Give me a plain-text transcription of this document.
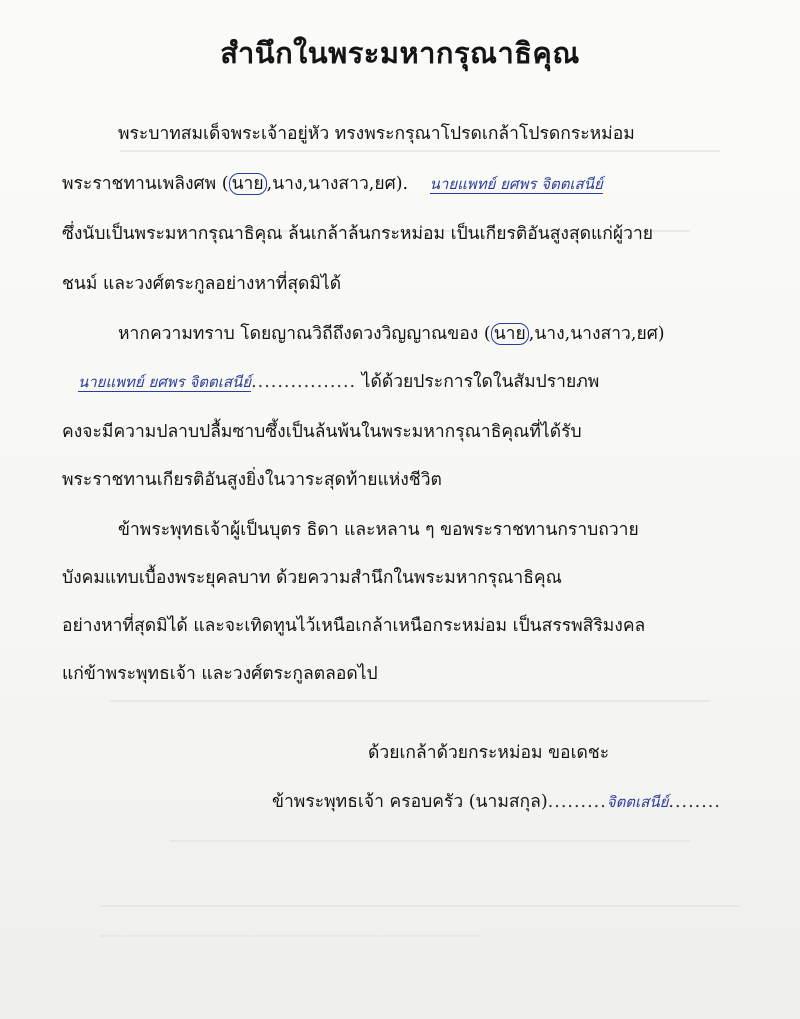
สำนึกในพระมหากรุณาธิคุณ
พระบาทสมเด็จพระเจ้าอยู่หัว ทรงพระกรุณาโปรดเกล้าโปรดกระหม่อม
พระราชทานเพลิงศพ ( นาย ,นาง,นางสาว,ยศ). นายแพทย์ ยศพร จิตตเสนีย์
ซึ่งนับเป็นพระมหากรุณาธิคุณ ล้นเกล้าล้นกระหม่อม เป็นเกียรติอันสูงสุดแก่ผู้วาย
ชนม์ และวงศ์ตระกูลอย่างหาที่สุดมิได้
หากความทราบ โดยญาณวิถีถึงดวงวิญญาณของ ( นาย ,นาง,นางสาว,ยศ)
นายแพทย์ ยศพร จิตตเสนีย์................ ได้ด้วยประการใดในสัมปรายภพ
คงจะมีความปลาบปลื้มซาบซึ้งเป็นล้นพ้นในพระมหากรุณาธิคุณที่ได้รับ
พระราชทานเกียรติอันสูงยิ่งในวาระสุดท้ายแห่งชีวิต
ข้าพระพุทธเจ้าผู้เป็นบุตร ธิดา และหลาน ๆ ขอพระราชทานกราบถวาย
บังคมแทบเบื้องพระยุคลบาท ด้วยความสำนึกในพระมหากรุณาธิคุณ
อย่างหาที่สุดมิได้ และจะเทิดทูนไว้เหนือเกล้าเหนือกระหม่อม เป็นสรรพสิริมงคล
แก่ข้าพระพุทธเจ้า และวงศ์ตระกูลตลอดไป
ด้วยเกล้าด้วยกระหม่อม ขอเดชะ
ข้าพระพุทธเจ้า ครอบครัว (นามสกุล).........จิตตเสนีย์........
